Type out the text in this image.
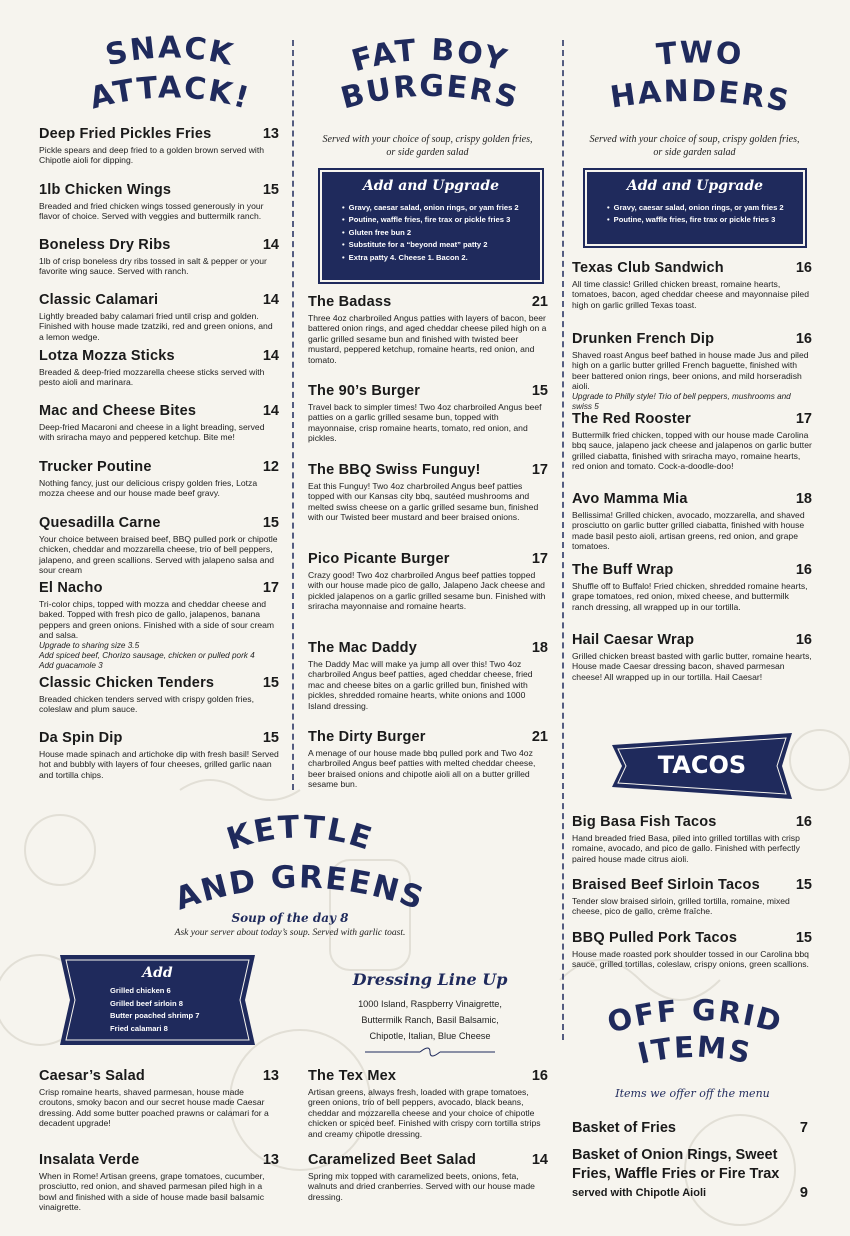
SNACK
ATTACK!
Deep Fried Pickles Fries	13
Pickle spears and deep fried to a golden brown served with Chipotle aioli for dipping.
1lb Chicken Wings	15
Breaded and fried chicken wings tossed generously in your flavor of choice. Served with veggies and buttermilk ranch.
Boneless Dry Ribs	14
1lb of crisp boneless dry ribs tossed in salt & pepper or your favorite wing sauce. Served with ranch.
Classic Calamari	14
Lightly breaded baby calamari fried until crisp and golden. Finished with house made tzatziki, red and green onions, and a lemon wedge.
Lotza Mozza Sticks	14
Breaded & deep-fried mozzarella cheese sticks served with pesto aioli and marinara.
Mac and Cheese Bites	14
Deep-fried Macaroni and cheese in a light breading, served with sriracha mayo and peppered ketchup. Bite me!
Trucker Poutine	12
Nothing fancy, just our delicious crispy golden fries, Lotza mozza cheese and our house made beef gravy.
Quesadilla Carne	15
Your choice between braised beef, BBQ pulled pork or chipotle chicken, cheddar and mozzarella cheese, trio of bell peppers, jalapeno, and green scallions. Served with jalapeno salsa and sour cream
El Nacho	17
Tri-color chips, topped with mozza and cheddar cheese and baked. Topped with fresh pico de gallo, jalapenos, banana peppers and green onions. Finished with a side of sour cream and salsa.
Upgrade to sharing size 3.5
Add spiced beef, Chorizo sausage, chicken or pulled pork 4
Add guacamole 3
Classic Chicken Tenders	15
Breaded chicken tenders served with crispy golden fries, coleslaw and plum sauce.
Da Spin Dip	15
House made spinach and artichoke dip with fresh basil! Served hot and bubbly with layers of four cheeses, grilled garlic naan and tortilla chips.
FAT BOY
BURGERS
Served with your choice of soup, crispy golden fries,
or side garden salad
Add and Upgrade
• Gravy, caesar salad, onion rings, or yam fries 2
• Poutine, waffle fries, fire trax or pickle fries 3
• Gluten free bun 2
• Substitute for a “beyond meat” patty 2
• Extra patty 4. Cheese 1. Bacon 2.
The Badass	21
Three 4oz charbroiled Angus patties with layers of bacon, beer battered onion rings, and aged cheddar cheese piled high on a garlic grilled sesame bun and finished with twisted beer mustard, peppered ketchup, romaine hearts, red onion, and tomato.
The 90’s Burger	15
Travel back to simpler times! Two 4oz charbroiled Angus beef patties on a garlic grilled sesame bun, topped with mayonnaise, crisp romaine hearts, tomato, red onion, and pickles.
The BBQ Swiss Funguy!	17
Eat this Funguy! Two 4oz charbroiled Angus beef patties topped with our Kansas city bbq, sautéed mushrooms and melted swiss cheese on a garlic grilled sesame bun, finished with our Twisted beer mustard and beer braised onions.
Pico Picante Burger	17
Crazy good! Two 4oz charbroiled Angus beef patties topped with our house made pico de gallo, Jalapeno Jack cheese and pickled jalapenos on a garlic grilled sesame bun. Finished with sriracha mayonnaise and romaine hearts.
The Mac Daddy	18
The Daddy Mac will make ya jump all over this! Two 4oz charbroiled Angus beef patties, aged cheddar cheese, fried mac and cheese bites on a garlic grilled bun, finished with pickles, shredded romaine hearts, white onions and 1000 Island dressing.
The Dirty Burger	21
A menage of our house made bbq pulled pork and Two 4oz charbroiled Angus beef patties with melted cheddar cheese, beer braised onions and chipotle aioli all on a butter grilled sesame bun.
TWO
HANDERS
Served with your choice of soup, crispy golden fries,
or side garden salad
Add and Upgrade
• Gravy, caesar salad, onion rings, or yam fries 2
• Poutine, waffle fries, fire trax or pickle fries 3
Texas Club Sandwich	16
All time classic! Grilled chicken breast, romaine hearts, tomatoes, bacon, aged cheddar cheese and mayonnaise piled high on garlic grilled Texas toast.
Drunken French Dip	16
Shaved roast Angus beef bathed in house made Jus and piled high on a garlic butter grilled French baguette, finished with beer battered onion rings, beer onions, and mild horseradish aioli.
Upgrade to Philly style! Trio of bell peppers, mushrooms and swiss 5
The Red Rooster	17
Buttermilk fried chicken, topped with our house made Carolina bbq sauce, jalapeno jack cheese and jalapenos on garlic butter grilled ciabatta, finished with sriracha mayo, romaine hearts, red onion and tomato. Cock-a-doodle-doo!
Avo Mamma Mia	18
Bellissima! Grilled chicken, avocado, mozzarella, and shaved prosciutto on garlic butter grilled ciabatta, finished with house made basil pesto aioli, artisan greens, red onion, and grape tomatoes.
The Buff Wrap	16
Shuffle off to Buffalo! Fried chicken, shredded romaine hearts, grape tomatoes, red onion, mixed cheese, and buttermilk ranch dressing, all wrapped up in our tortilla.
Hail Caesar Wrap	16
Grilled chicken breast basted with garlic butter, romaine hearts, House made Caesar dressing bacon, shaved parmesan cheese! All wrapped up in our tortilla. Hail Caesar!
TACOS
Big Basa Fish Tacos	16
Hand breaded fried Basa, piled into grilled tortillas with crisp romaine, avocado, and pico de gallo. Finished with perfectly paired house made citrus aioli.
Braised Beef Sirloin Tacos 15
Tender slow braised sirloin, grilled tortilla, romaine, mixed cheese, pico de gallo, crème fraîche.
BBQ Pulled Pork Tacos	15
House made roasted pork shoulder tossed in our Carolina bbq sauce, grilled tortillas, coleslaw, crispy onions, green scallions.
KETTLE
AND GREENS
Soup of the day 8
Ask your server about today’s soup. Served with garlic toast.
Add
Grilled chicken 6
Grilled beef sirloin 8
Butter poached shrimp 7
Fried calamari 8
Dressing Line Up
1000 Island, Raspberry Vinaigrette,
Buttermilk Ranch, Basil Balsamic,
Chipotle, Italian, Blue Cheese
Caesar’s Salad	13
Crisp romaine hearts, shaved parmesan, house made croutons, smoky bacon and our secret house made Caesar dressing. Add some butter poached prawns or calamari for a decadent upgrade!
Insalata Verde	13
When in Rome! Artisan greens, grape tomatoes, cucumber, prosciutto, red onion, and shaved parmesan piled high in a bowl and finished with a side of house made basil balsamic vinaigrette.
The Tex Mex	16
Artisan greens, always fresh, loaded with grape tomatoes, green onions, trio of bell peppers, avocado, black beans, cheddar and mozzarella cheese and your choice of chipotle chicken or spiced beef. Finished with crispy corn tortilla strips and creamy chipotle dressing.
Caramelized Beet Salad	14
Spring mix topped with caramelized beets, onions, feta, walnuts and dried cranberries. Served with our house made dressing.
OFF GRID
ITEMS
Items we offer off the menu
Basket of Fries	7
Basket of Onion Rings, Sweet
Fries, Waffle Fries or Fire Trax
served with Chipotle Aioli	9
